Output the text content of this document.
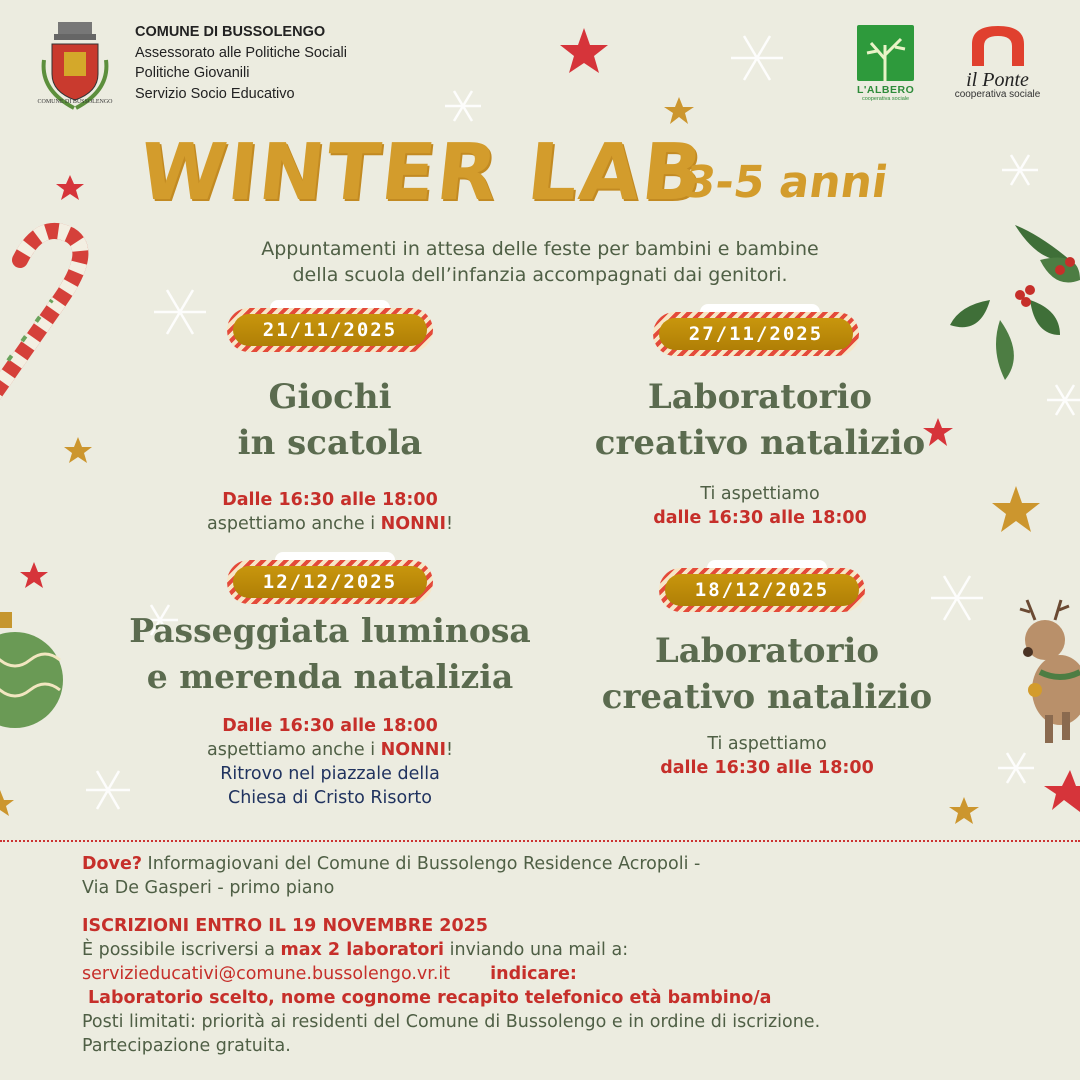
COMUNE DI BUSSOLENGO
COMUNE DI BUSSOLENGO
Assessorato alle Politiche Sociali
Politiche Giovanili
Servizio Socio Educativo	L'ALBERO
cooperativa sociale
il Ponte
cooperativa sociale
WINTER LAB
3-5 anni
Appuntamenti in attesa delle feste per bambini e bambine
della scuola dell’infanzia accompagnati dai genitori.
21/11/2025
Giochi
in scatola
Dalle 16:30 alle 18:00
aspettiamo anche i NONNI!
27/11/2025
Laboratorio
creativo natalizio
Ti aspettiamo
dalle 16:30 alle 18:00
12/12/2025
Passeggiata luminosa
e merenda natalizia
Dalle 16:30 alle 18:00
aspettiamo anche i NONNI!
Ritrovo nel piazzale della
Chiesa di Cristo Risorto
18/12/2025
Laboratorio
creativo natalizio
Ti aspettiamo
dalle 16:30 alle 18:00
Dove? Informagiovani del Comune di Bussolengo Residence Acropoli -
Via De Gasperi - primo piano
ISCRIZIONI ENTRO IL 19 NOVEMBRE 2025
È possibile iscriversi a max 2 laboratori inviando una mail a:
servizieducativi@comune.bussolengo.vr.it indicare:
Laboratorio scelto, nome cognome recapito telefonico età bambino/a
Posti limitati: priorità ai residenti del Comune di Bussolengo e in ordine di iscrizione.
Partecipazione gratuita.
